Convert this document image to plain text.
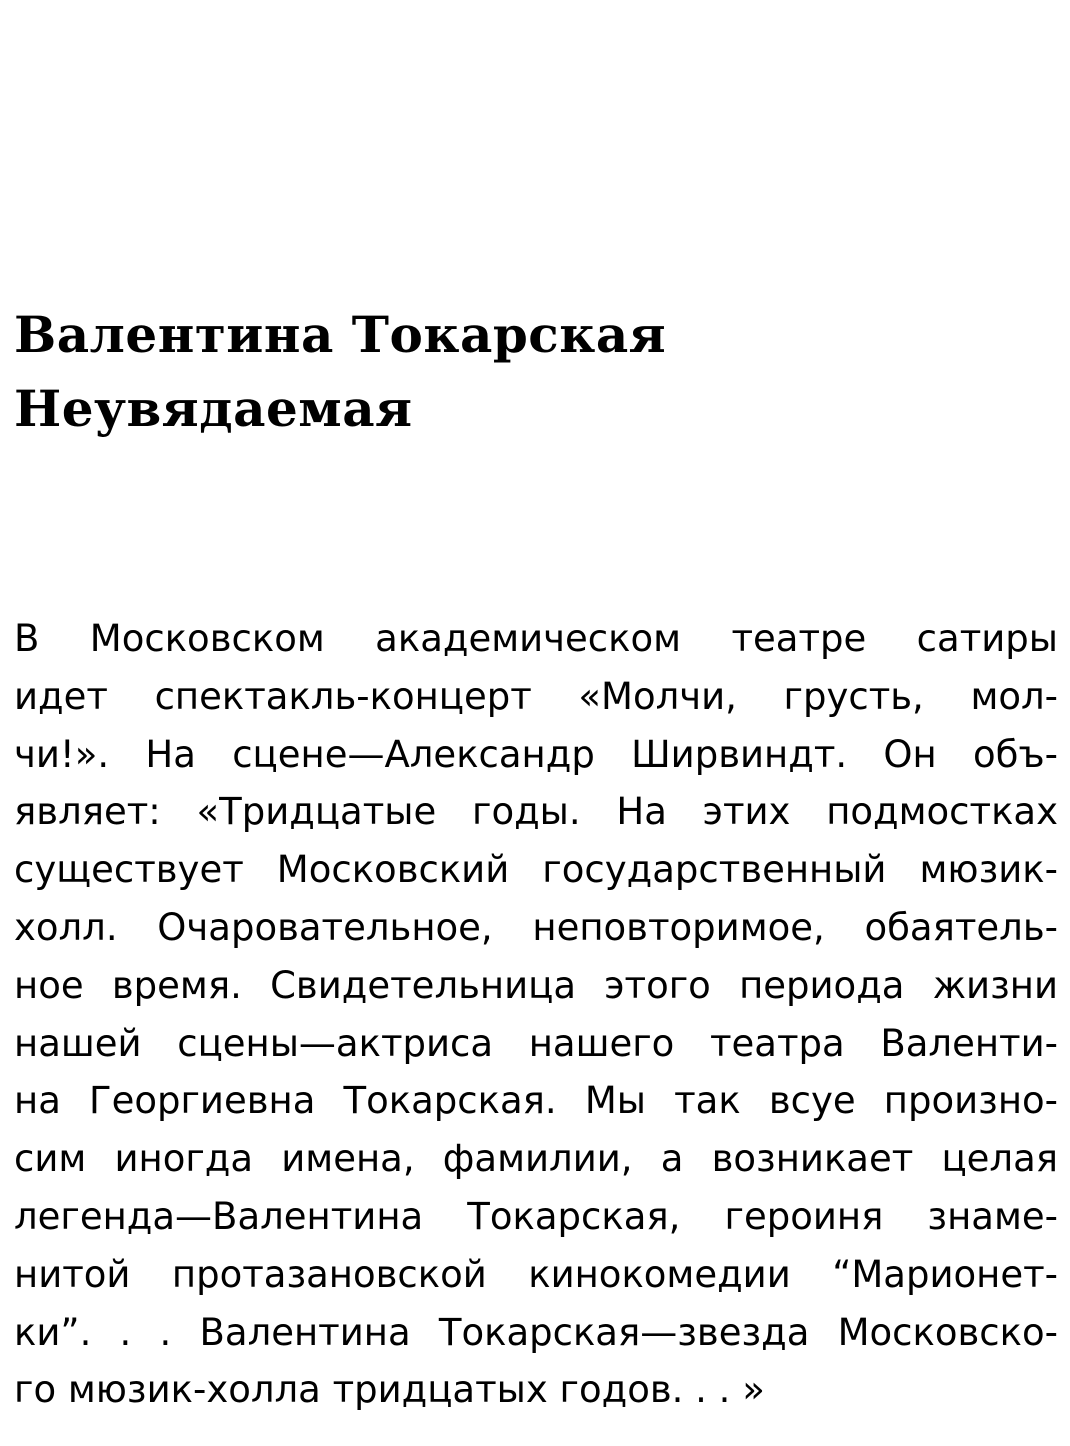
Валентина Токарская
Неувядаемая
В Московском академическом театре сатиры
идет спектакль-концерт «Молчи, грусть, мол-
чи!». На сцене—Александр Ширвиндт. Он объ-
являет: «Тридцатые годы. На этих подмостках
существует Московский государственный мюзик-
холл. Очаровательное, неповторимое, обаятель-
ное время. Свидетельница этого периода жизни
нашей сцены—актриса нашего театра Валенти-
на Георгиевна Токарская. Мы так всуе произно-
сим иногда имена, фамилии, а возникает целая
легенда—Валентина Токарская, героиня знаме-
нитой протазановской кинокомедии “Марионет-
ки”. . . Валентина Токарская—звезда Московско-
го мюзик-холла тридцатых годов. . . »
